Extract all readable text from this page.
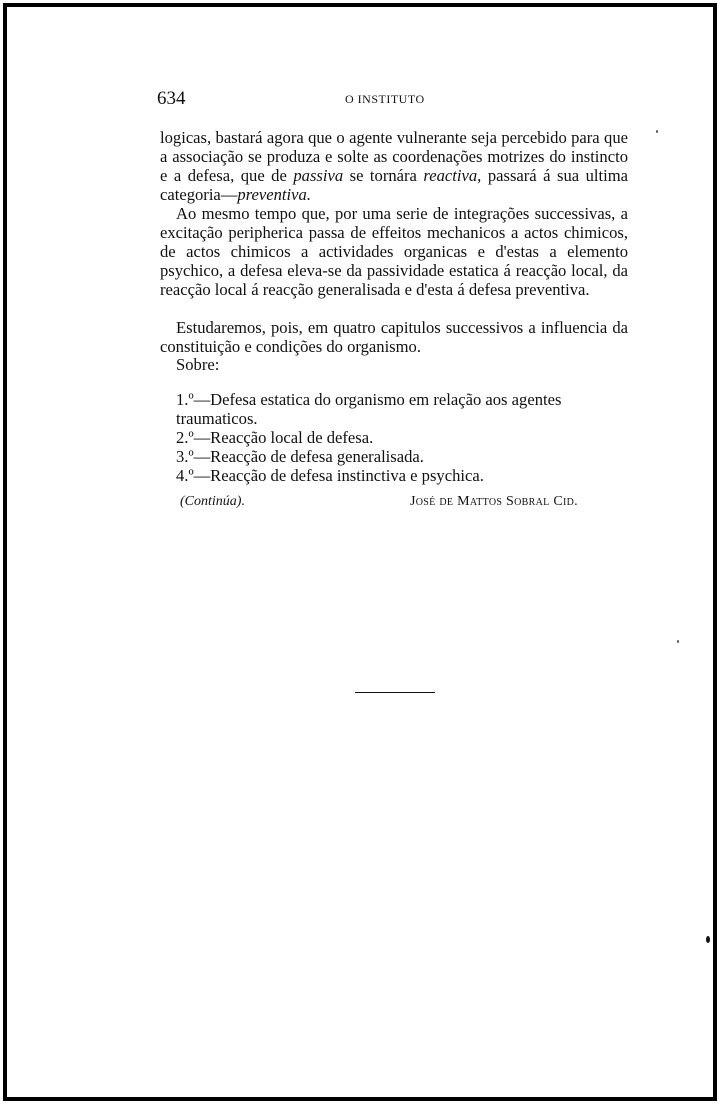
634	O INSTITUTO
logicas, bastará agora que o agente vulnerante seja percebido para que a associação se produza e solte as coordenações motrizes do instincto e a defesa, que de passiva se tornára reactiva, passará á sua ultima categoria—preventiva.
Ao mesmo tempo que, por uma serie de integrações successivas, a excitação peripherica passa de effeitos mechanicos a actos chimicos, de actos chimicos a actividades organicas e d'estas a elemento psychico, a defesa eleva-se da passividade estatica á reacção local, da reacção local á reacção generalisada e d'esta á defesa preventiva.
Estudaremos, pois, em quatro capitulos successivos a influencia da constituição e condições do organismo.
Sobre:
1.º—Defesa estatica do organismo em relação aos agentes traumaticos.
2.º—Reacção local de defesa.
3.º—Reacção de defesa generalisada.
4.º—Reacção de defesa instinctiva e psychica.
(Continúa).	José de Mattos Sobral Cid.
